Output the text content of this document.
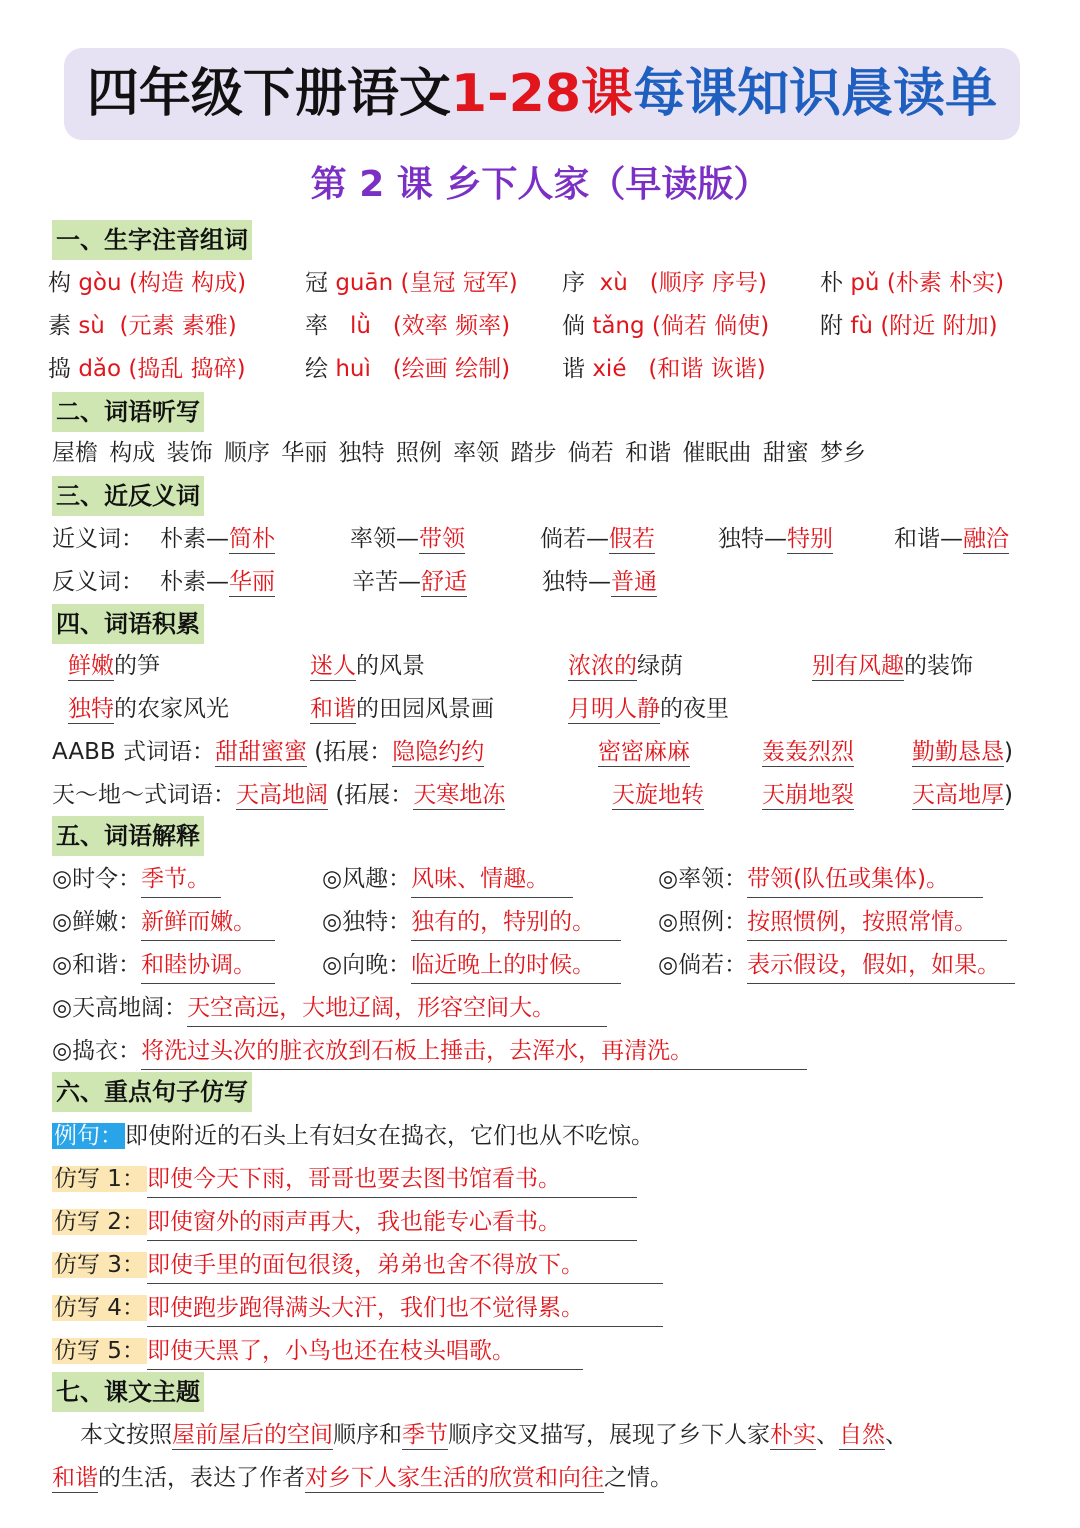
四年级下册语文1-28课每课知识晨读单
第 2 课 乡下人家（早读版）
一、生字注音组词
构 gòu (构造 构成)	冠 guān (皇冠 冠军) 序 xù (顺序 序号) 朴 pǔ (朴素 朴实)
素 sù (元素 素雅)	率 lǜ (效率 频率) 倘 tǎng (倘若 倘使) 附 fù (附近 附加)
捣 dǎo (捣乱 捣碎)	绘 huì (绘画 绘制) 谐 xié (和谐 诙谐)
二、词语听写
屋檐 构成 装饰 顺序 华丽 独特 照例 率领 踏步 倘若 和谐 催眠曲 甜蜜 梦乡
三、近反义词
近义词： 朴素—简朴	率领—带领	倘若—假若	独特—特别	和谐—融洽
反义词： 朴素—华丽	辛苦—舒适	独特—普通
四、词语积累
鲜嫩的笋	迷人的风景	浓浓的绿荫	别有风趣的装饰
独特的农家风光	和谐的田园风景画	月明人静的夜里
AABB 式词语：甜甜蜜蜜 (拓展：隐隐约约	密密麻麻	轰轰烈烈	勤勤恳恳)
天～地～式词语：天高地阔 (拓展：天寒地冻	天旋地转	天崩地裂	天高地厚)
五、词语解释
◎时令：季节。	◎风趣：风味、情趣。	◎率领：带领(队伍或集体)。
◎鲜嫩：新鲜而嫩。	◎独特：独有的，特别的。	◎照例：按照惯例，按照常情。
◎和谐：和睦协调。	◎向晚：临近晚上的时候。	◎倘若：表示假设，假如，如果。
◎天高地阔：天空高远，大地辽阔，形容空间大。
◎捣衣：将洗过头次的脏衣放到石板上捶击，去浑水，再清洗。
六、重点句子仿写
例句：即使附近的石头上有妇女在捣衣，它们也从不吃惊。
仿写 1：即使今天下雨，哥哥也要去图书馆看书。
仿写 2：即使窗外的雨声再大，我也能专心看书。
仿写 3：即使手里的面包很烫，弟弟也舍不得放下。
仿写 4：即使跑步跑得满头大汗，我们也不觉得累。
仿写 5：即使天黑了，小鸟也还在枝头唱歌。
七、课文主题
本文按照屋前屋后的空间顺序和季节顺序交叉描写，展现了乡下人家朴实、自然、
和谐的生活，表达了作者对乡下人家生活的欣赏和向往之情。
